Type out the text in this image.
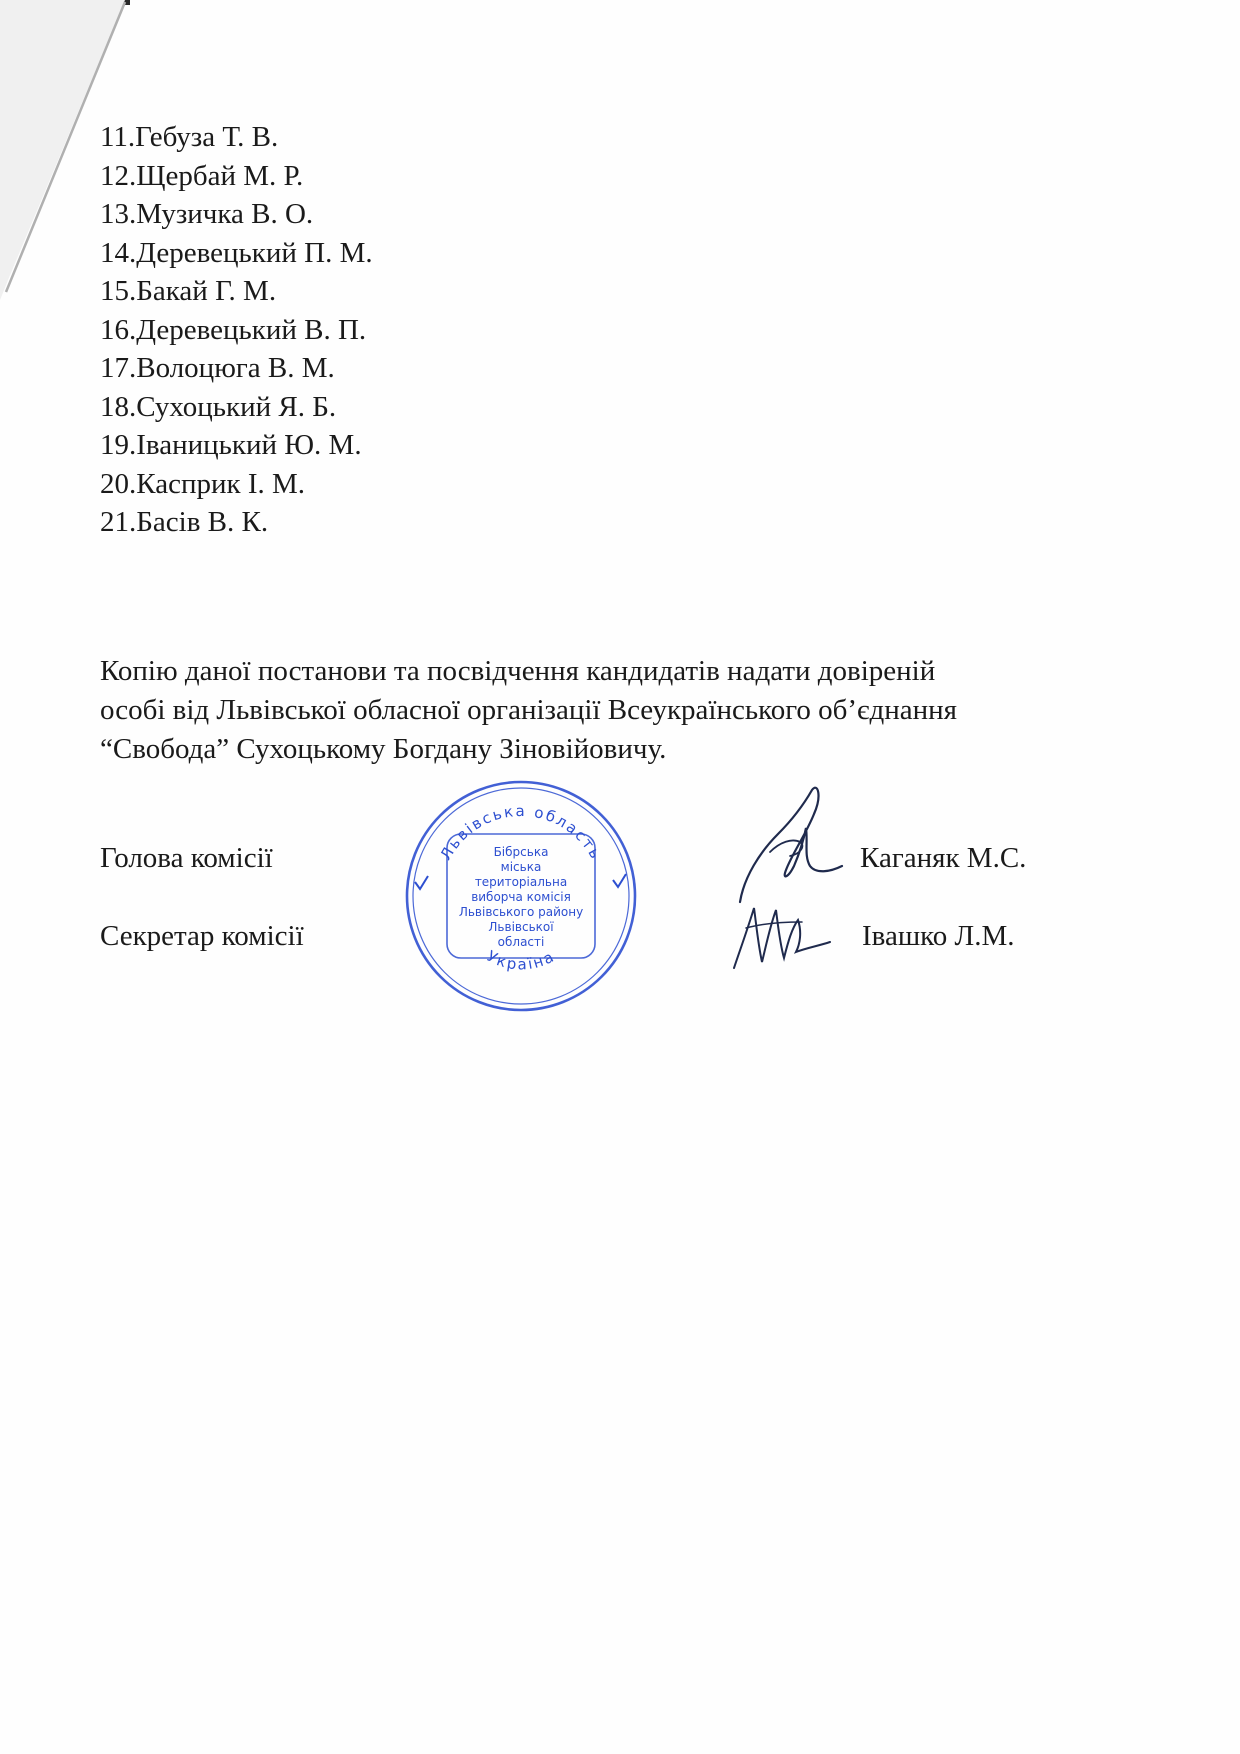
11.Гебуза Т. В.
12.Щербай М. Р.
13.Музичка В. О.
14.Деревецький П. М.
15.Бакай Г. М.
16.Деревецький В. П.
17.Волоцюга В. М.
18.Сухоцький Я. Б.
19.Іваницький Ю. М.
20.Касприк І. М.
21.Басів В. К.

Копію даної постанови та посвідчення кандидатів надати довіреній
особі від Львівської обласної організації Всеукраїнського об’єднання
“Свобода” Сухоцькому Богдану Зіновійовичу.

Голова комісії	Каганяк М.С.
Секретар комісії	Івашко Л.М.
Львівська область
Україна
Бібрська
міська
територіальна
виборча комісія
Львівського району
Львівської
області
